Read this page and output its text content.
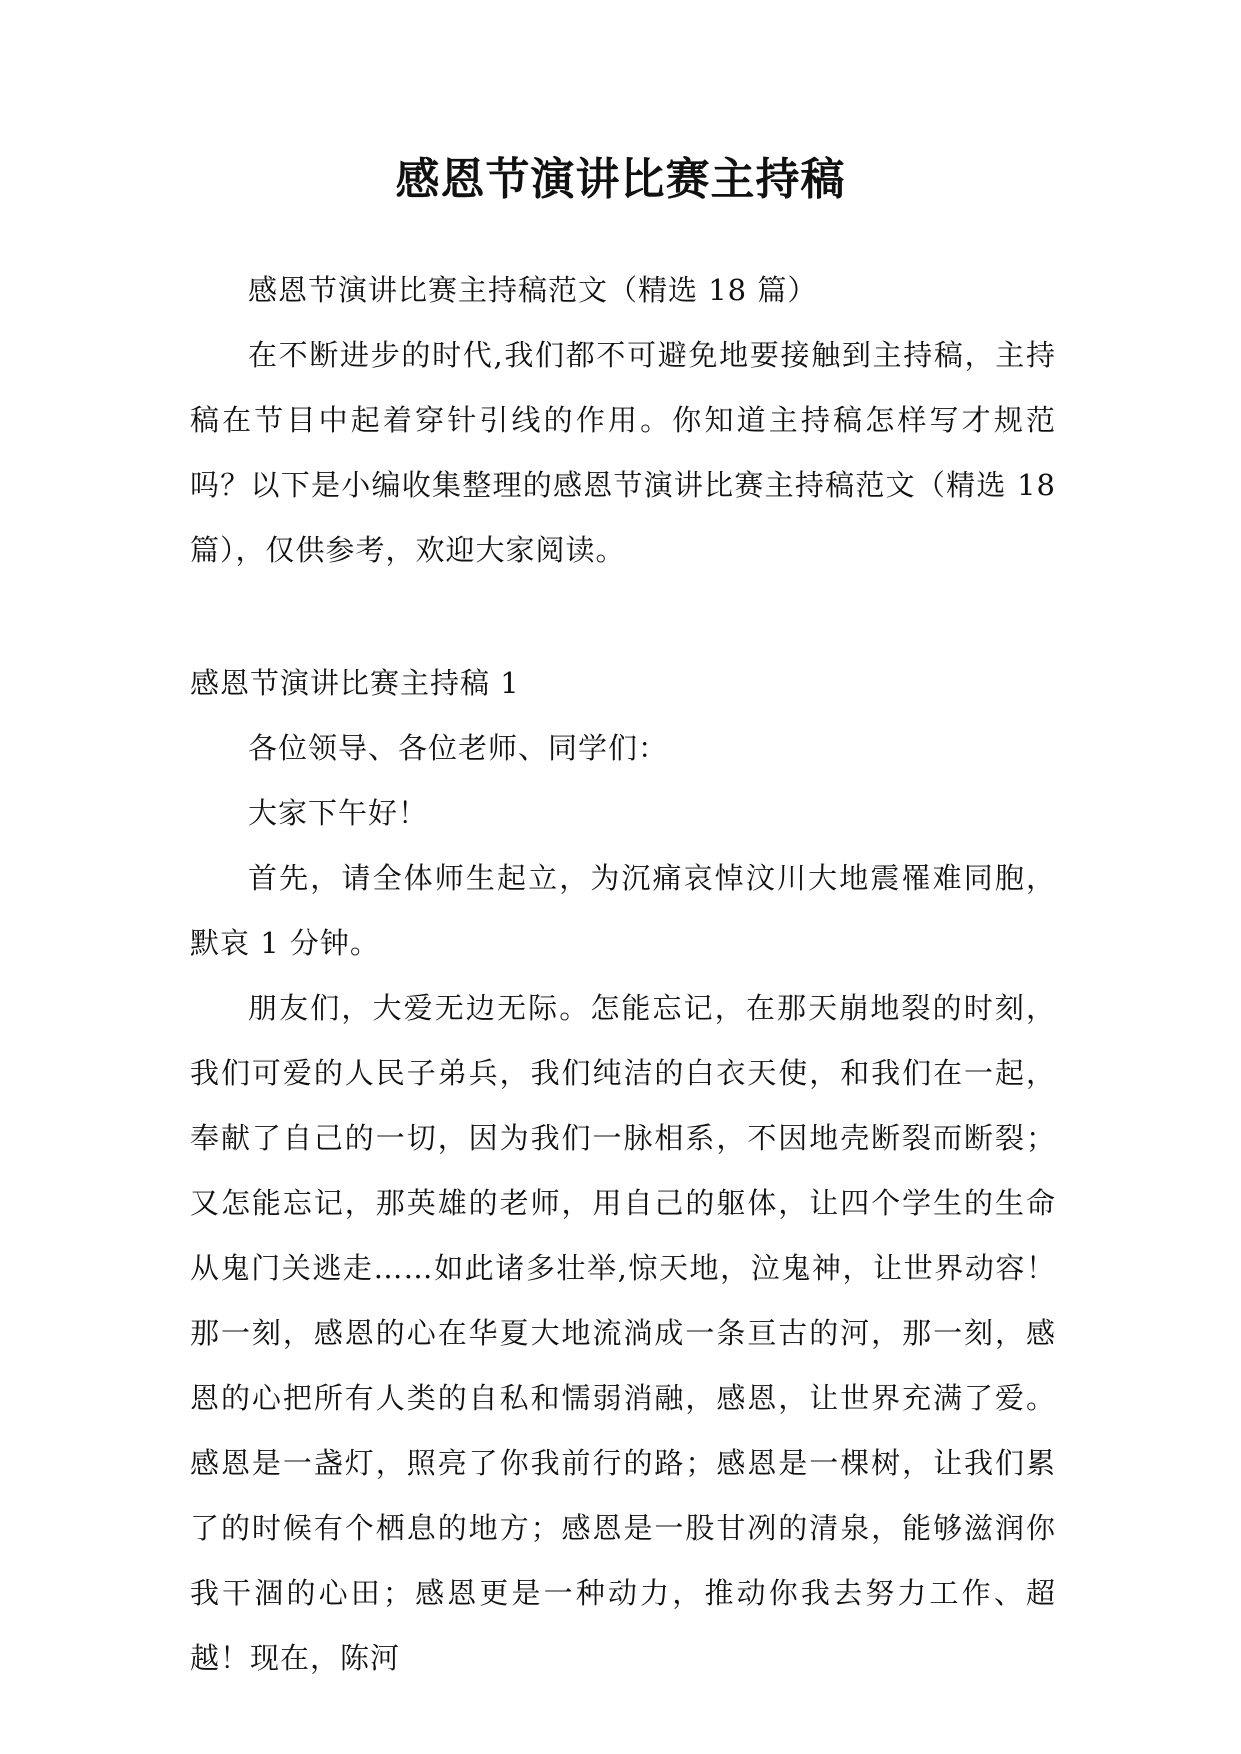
感恩节演讲比赛主持稿

感恩节演讲比赛主持稿范文（精选 18 篇）

在不断进步的时代,我们都不可避免地要接触到主持稿，主持稿在节目中起着穿针引线的作用。你知道主持稿怎样写才规范吗？以下是小编收集整理的感恩节演讲比赛主持稿范文（精选 18 篇），仅供参考，欢迎大家阅读。

感恩节演讲比赛主持稿 1

各位领导、各位老师、同学们：

大家下午好！

首先，请全体师生起立，为沉痛哀悼汶川大地震罹难同胞，默哀 1 分钟。

朋友们，大爱无边无际。怎能忘记，在那天崩地裂的时刻，我们可爱的人民子弟兵，我们纯洁的白衣天使，和我们在一起，奉献了自己的一切，因为我们一脉相系，不因地壳断裂而断裂；又怎能忘记，那英雄的老师，用自己的躯体，让四个学生的生命从鬼门关逃走……如此诸多壮举,惊天地，泣鬼神，让世界动容！那一刻，感恩的心在华夏大地流淌成一条亘古的河，那一刻，感恩的心把所有人类的自私和懦弱消融，感恩，让世界充满了爱。感恩是一盏灯，照亮了你我前行的路；感恩是一棵树，让我们累了的时候有个栖息的地方；感恩是一股甘冽的清泉，能够滋润你我干涸的心田；感恩更是一种动力，推动你我去努力工作、超越！现在，陈河
